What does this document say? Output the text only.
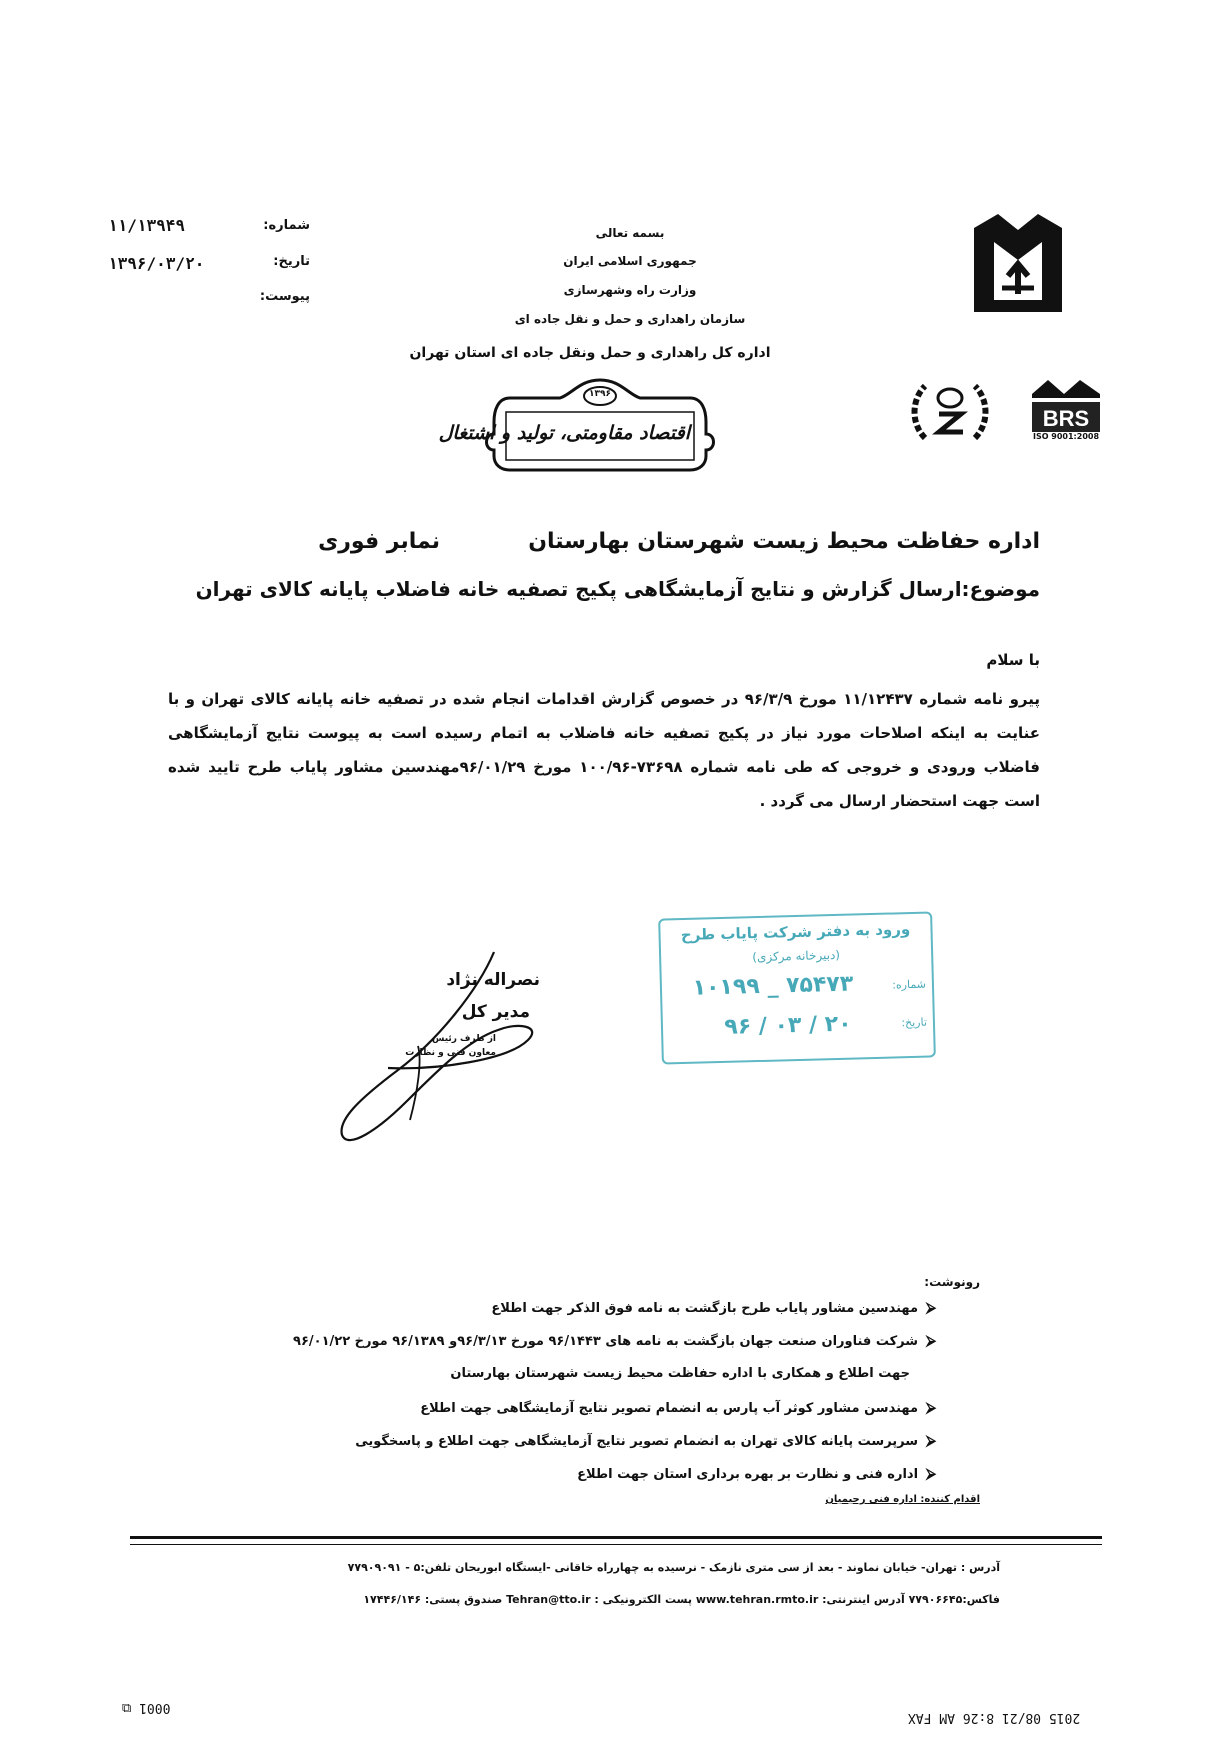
BRS
ISO 9001:2008
بسمه تعالی
جمهوری اسلامی ایران
وزارت راه وشهرسازی
سازمان راهداری و حمل و نقل جاده ای
اداره کل راهداری و حمل ونقل جاده ای استان تهران
۱۳۹۶
اقتصاد مقاومتی، تولید و اشتغال
شماره:
۱۱/۱۳۹۴۹
تاریخ:
۱۳۹۶/۰۳/۲۰
پیوست:
اداره حفاظت محیط زیست شهرستان بهارستان
نمابر فوری
موضوع:ارسال گزارش و نتایج آزمایشگاهی پکیج تصفیه خانه فاضلاب پایانه کالای تهران
با سلام
پیرو نامه شماره ۱۱/۱۲۴۳۷ مورخ ۹۶/۳/۹ در خصوص گزارش اقدامات انجام شده در تصفیه خانه پایانه کالای تهران و با عنایت به اینکه اصلاحات مورد نیاز در پکیج تصفیه خانه فاضلاب به اتمام رسیده است به پیوست نتایج آزمایشگاهی فاضلاب ورودی و خروجی که طی نامه شماره ۷۳۶۹۸-۱۰۰/۹۶ مورخ ۹۶/۰۱/۲۹مهندسین مشاور پایاب طرح تایید شده است جهت استحضار ارسال می گردد .
نصراله نژاد
مدیر کل
از طرف رئیس
معاون فنی و نظارت
ورود به دفتر شرکت پایاب طرح
(دبیرخانه مرکزی)
شماره:
۱۰۱۹۹ _ ۷۵۴۷۳
تاریخ:
۹۶ / ۰۳ / ۲۰
رونوشت:
⮚
مهندسین مشاور پایاب طرح بازگشت به نامه فوق الذکر جهت اطلاع
⮚
شرکت فناوران صنعت جهان بازگشت به نامه های ۹۶/۱۴۴۳ مورخ ۹۶/۳/۱۳و ۹۶/۱۳۸۹ مورخ ۹۶/۰۱/۲۲
جهت اطلاع و همکاری با اداره حفاظت محیط زیست شهرستان بهارستان
⮚
مهندسن مشاور کوثر آب پارس به انضمام تصویر نتایج آزمایشگاهی جهت اطلاع
⮚
سرپرست پایانه کالای تهران به انضمام تصویر نتایج آزمایشگاهی جهت اطلاع و پاسخگویی
⮚
اداره فنی و نظارت بر بهره برداری استان جهت اطلاع
اقدام کننده: اداره فنی رحیمیان
آدرس : تهران- خیابان نماوند - بعد از سی متری نازمک - نرسیده به چهارراه خاقانی -ایستگاه ابوریحان تلفن:۵ - ۷۷۹۰۹۰۹۱
فاکس:۷۷۹۰۶۶۴۵ آدرس اینترنتی: www.tehran.rmto.ir پست الکترونیکی : Tehran@tto.ir صندوق پستی: ۱۷۴۴۶/۱۴۶
0001 ⧉
2015 08/21 8:26 AM FAX
